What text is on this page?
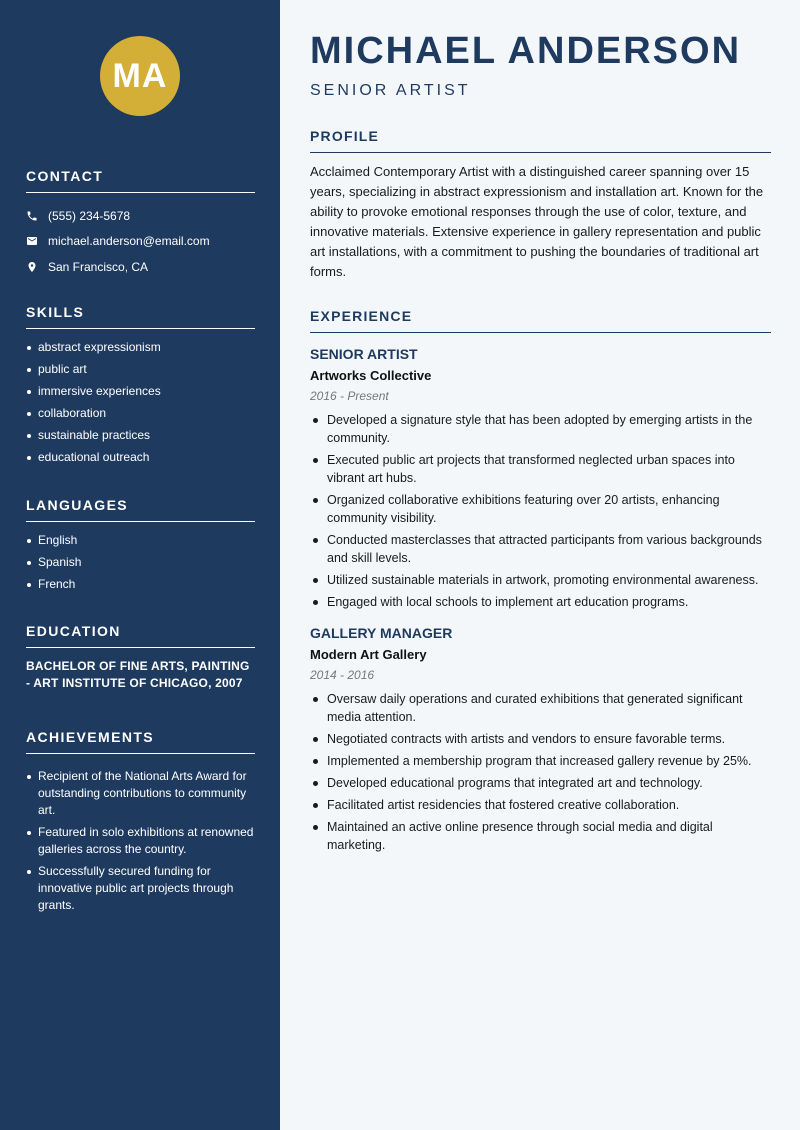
MA
CONTACT
(555) 234-5678
michael.anderson@email.com
San Francisco, CA
SKILLS
abstract expressionism
public art
immersive experiences
collaboration
sustainable practices
educational outreach
LANGUAGES
English
Spanish
French
EDUCATION

BACHELOR OF FINE ARTS, PAINTING - ART INSTITUTE OF CHICAGO, 2007

ACHIEVEMENTS
Recipient of the National Arts Award for outstanding contributions to community art.
Featured in solo exhibitions at renowned galleries across the country.
Successfully secured funding for innovative public art projects through grants.
MICHAEL ANDERSON
SENIOR ARTIST
PROFILE

Acclaimed Contemporary Artist with a distinguished career spanning over 15 years, specializing in abstract expressionism and installation art. Known for the ability to provoke emotional responses through the use of color, texture, and innovative materials. Extensive experience in gallery representation and public art installations, with a commitment to pushing the boundaries of traditional art forms.

EXPERIENCE
SENIOR ARTIST
Artworks Collective
2016 - Present
Developed a signature style that has been adopted by emerging artists in the community.
Executed public art projects that transformed neglected urban spaces into vibrant art hubs.
Organized collaborative exhibitions featuring over 20 artists, enhancing community visibility.
Conducted masterclasses that attracted participants from various backgrounds and skill levels.
Utilized sustainable materials in artwork, promoting environmental awareness.
Engaged with local schools to implement art education programs.
GALLERY MANAGER
Modern Art Gallery
2014 - 2016
Oversaw daily operations and curated exhibitions that generated significant media attention.
Negotiated contracts with artists and vendors to ensure favorable terms.
Implemented a membership program that increased gallery revenue by 25%.
Developed educational programs that integrated art and technology.
Facilitated artist residencies that fostered creative collaboration.
Maintained an active online presence through social media and digital marketing.
